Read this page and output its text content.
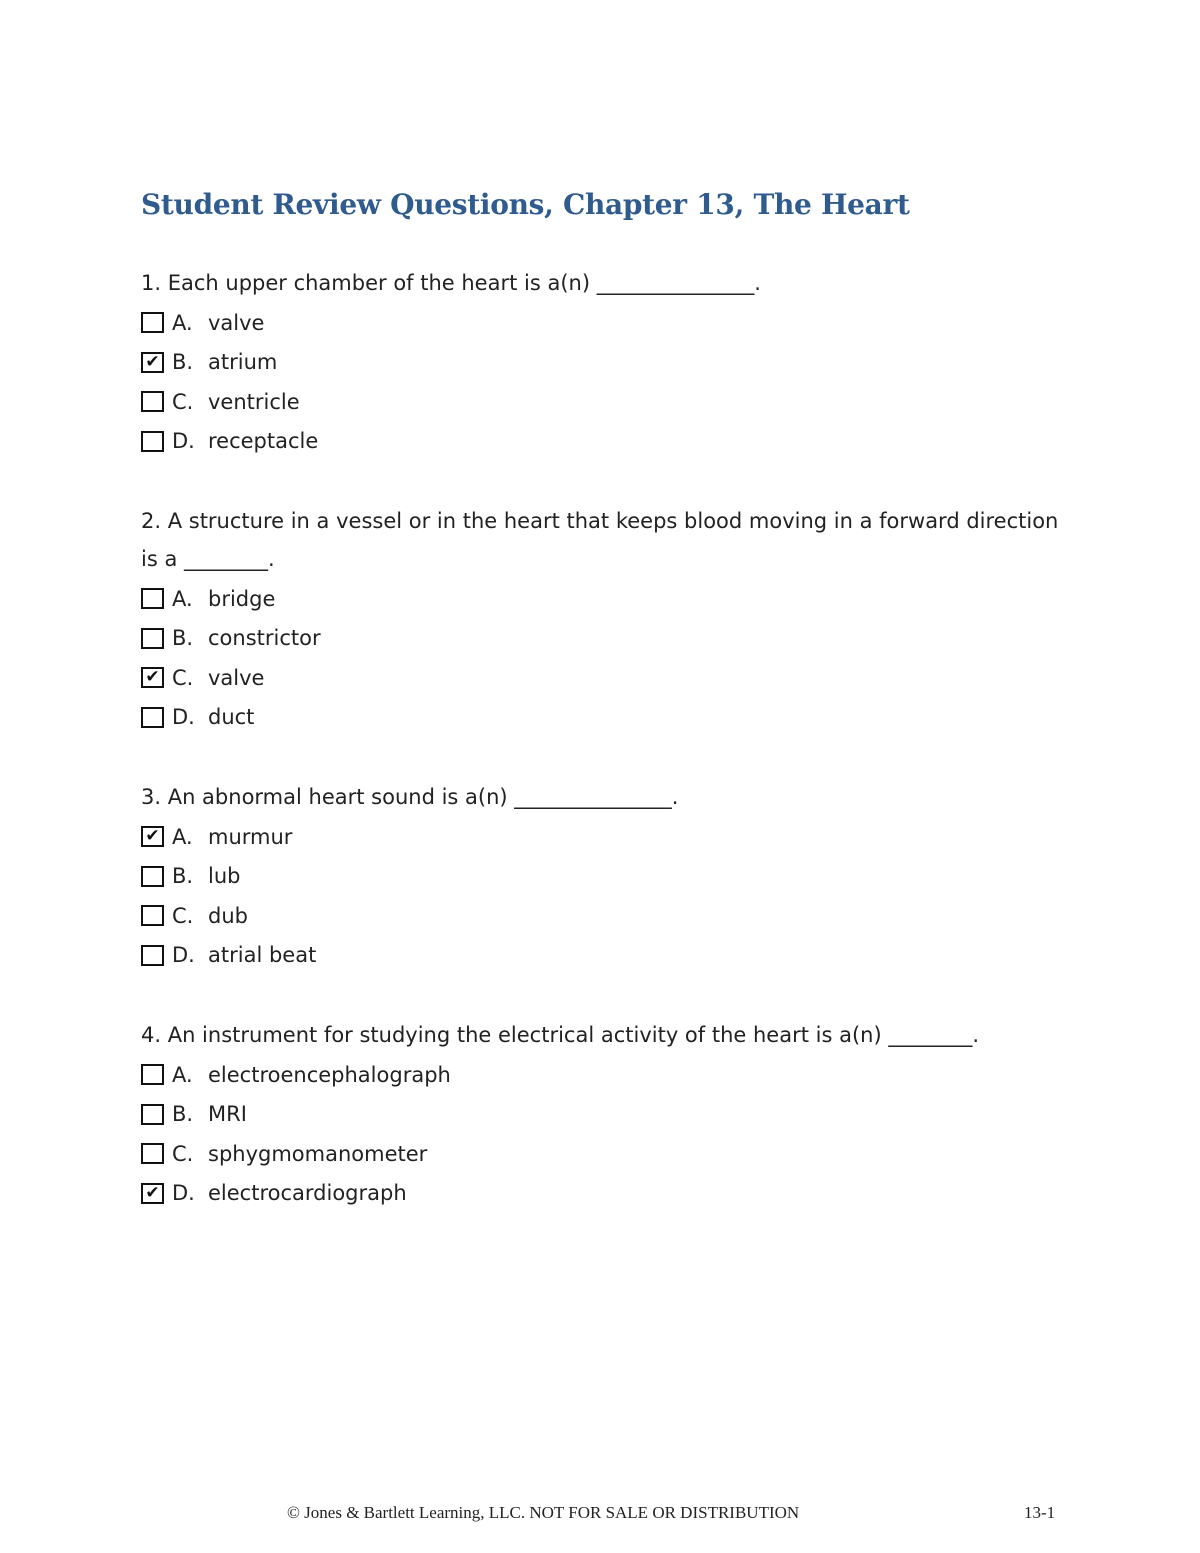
Student Review Questions, Chapter 13, The Heart

1. Each upper chamber of the heart is a(n) _______________.

A. valve
✔ B. atrium
C. ventricle
D. receptacle

2. A structure in a vessel or in the heart that keeps blood moving in a forward direction is a ________.

A. bridge
B. constrictor
✔ C. valve
D. duct

3. An abnormal heart sound is a(n) _______________.

✔ A. murmur
B. lub
C. dub
D. atrial beat

4. An instrument for studying the electrical activity of the heart is a(n) ________.

A. electroencephalograph
B. MRI
C. sphygmomanometer
✔ D. electrocardiograph
© Jones & Bartlett Learning, LLC. NOT FOR SALE OR DISTRIBUTION	13-1
